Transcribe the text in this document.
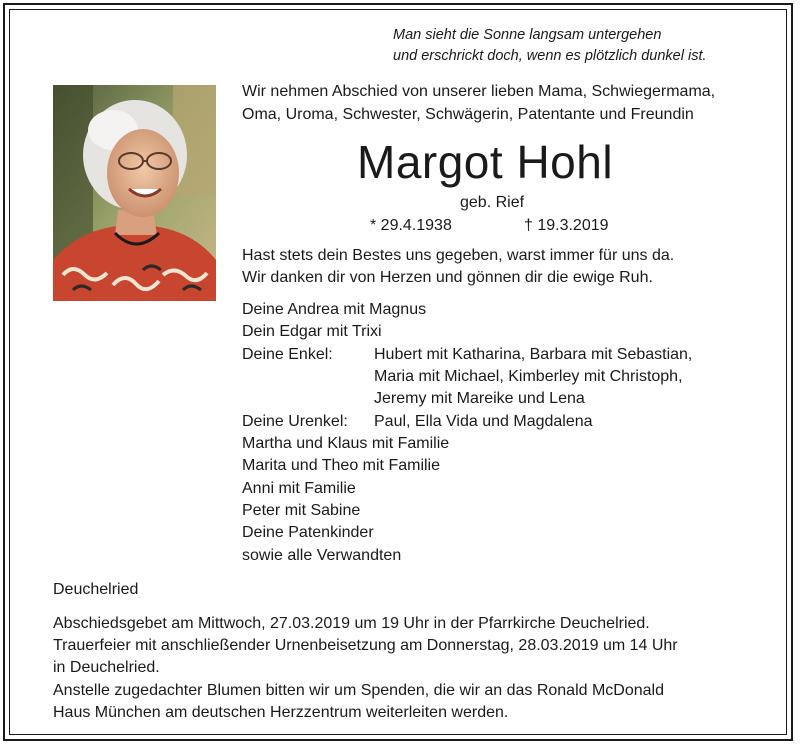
Man sieht die Sonne langsam untergehen
und erschrickt doch, wenn es plötzlich dunkel ist.
Wir nehmen Abschied von unserer lieben Mama, Schwiegermama,
Oma, Uroma, Schwester, Schwägerin, Patentante und Freundin
Margot Hohl
geb. Rief
* 29.4.1938	† 19.3.2019
Hast stets dein Bestes uns gegeben, warst immer für uns da.
Wir danken dir von Herzen und gönnen dir die ewige Ruh.
Deine Andrea mit Magnus
Dein Edgar mit Trixi
Deine Enkel:	Hubert mit Katharina, Barbara mit Sebastian,
Maria mit Michael, Kimberley mit Christoph,
Jeremy mit Mareike und Lena
Deine Urenkel: Paul, Ella Vida und Magdalena
Martha und Klaus mit Familie
Marita und Theo mit Familie
Anni mit Familie
Peter mit Sabine
Deine Patenkinder
sowie alle Verwandten
Deuchelried
Abschiedsgebet am Mittwoch, 27.03.2019 um 19 Uhr in der Pfarrkirche Deuchelried.
Trauerfeier mit anschließender Urnenbeisetzung am Donnerstag, 28.03.2019 um 14 Uhr
in Deuchelried.
Anstelle zugedachter Blumen bitten wir um Spenden, die wir an das Ronald McDonald
Haus München am deutschen Herzzentrum weiterleiten werden.
